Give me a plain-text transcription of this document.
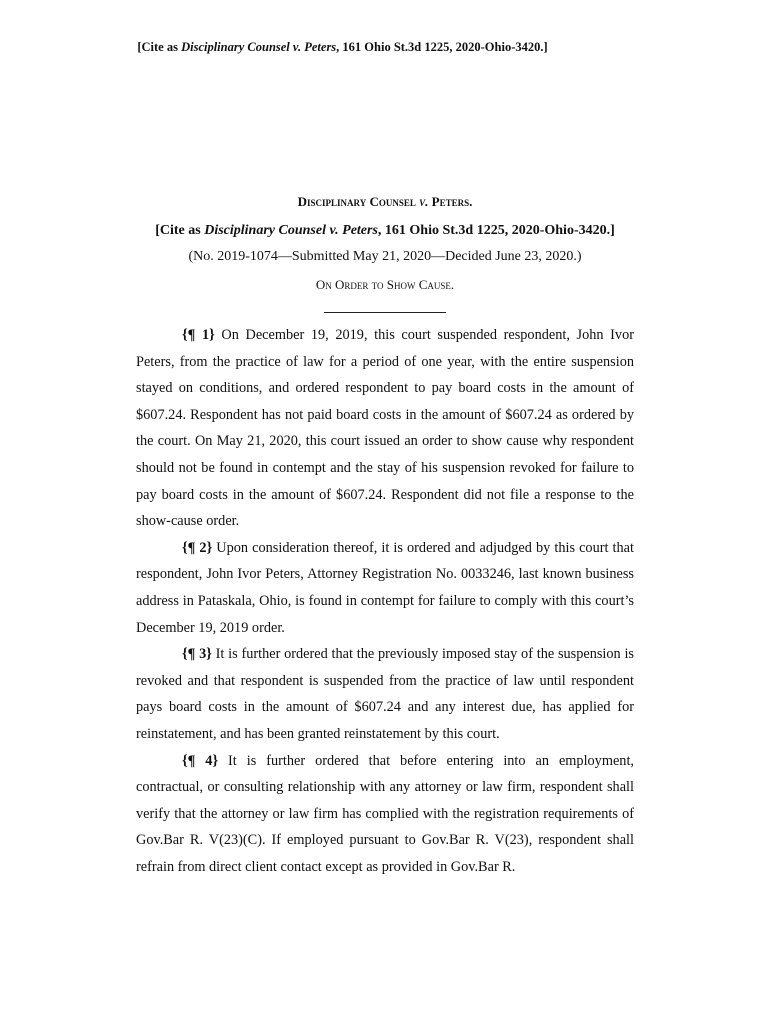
[Cite as Disciplinary Counsel v. Peters, 161 Ohio St.3d 1225, 2020-Ohio-3420.]
Disciplinary Counsel v. Peters.
[Cite as Disciplinary Counsel v. Peters, 161 Ohio St.3d 1225, 2020-Ohio-3420.]
(No. 2019-1074—Submitted May 21, 2020—Decided June 23, 2020.)
On Order to Show Cause.

{¶ 1} On December 19, 2019, this court suspended respondent, John Ivor Peters, from the practice of law for a period of one year, with the entire suspension stayed on conditions, and ordered respondent to pay board costs in the amount of $607.24. Respondent has not paid board costs in the amount of $607.24 as ordered by the court. On May 21, 2020, this court issued an order to show cause why respondent should not be found in contempt and the stay of his suspension revoked for failure to pay board costs in the amount of $607.24. Respondent did not file a response to the show-cause order.

{¶ 2} Upon consideration thereof, it is ordered and adjudged by this court that respondent, John Ivor Peters, Attorney Registration No. 0033246, last known business address in Pataskala, Ohio, is found in contempt for failure to comply with this court’s December 19, 2019 order.

{¶ 3} It is further ordered that the previously imposed stay of the suspension is revoked and that respondent is suspended from the practice of law until respondent pays board costs in the amount of $607.24 and any interest due, has applied for reinstatement, and has been granted reinstatement by this court.

{¶ 4} It is further ordered that before entering into an employment, contractual, or consulting relationship with any attorney or law firm, respondent shall verify that the attorney or law firm has complied with the registration requirements of Gov.Bar R. V(23)(C). If employed pursuant to Gov.Bar R. V(23), respondent shall refrain from direct client contact except as provided in Gov.Bar R.
